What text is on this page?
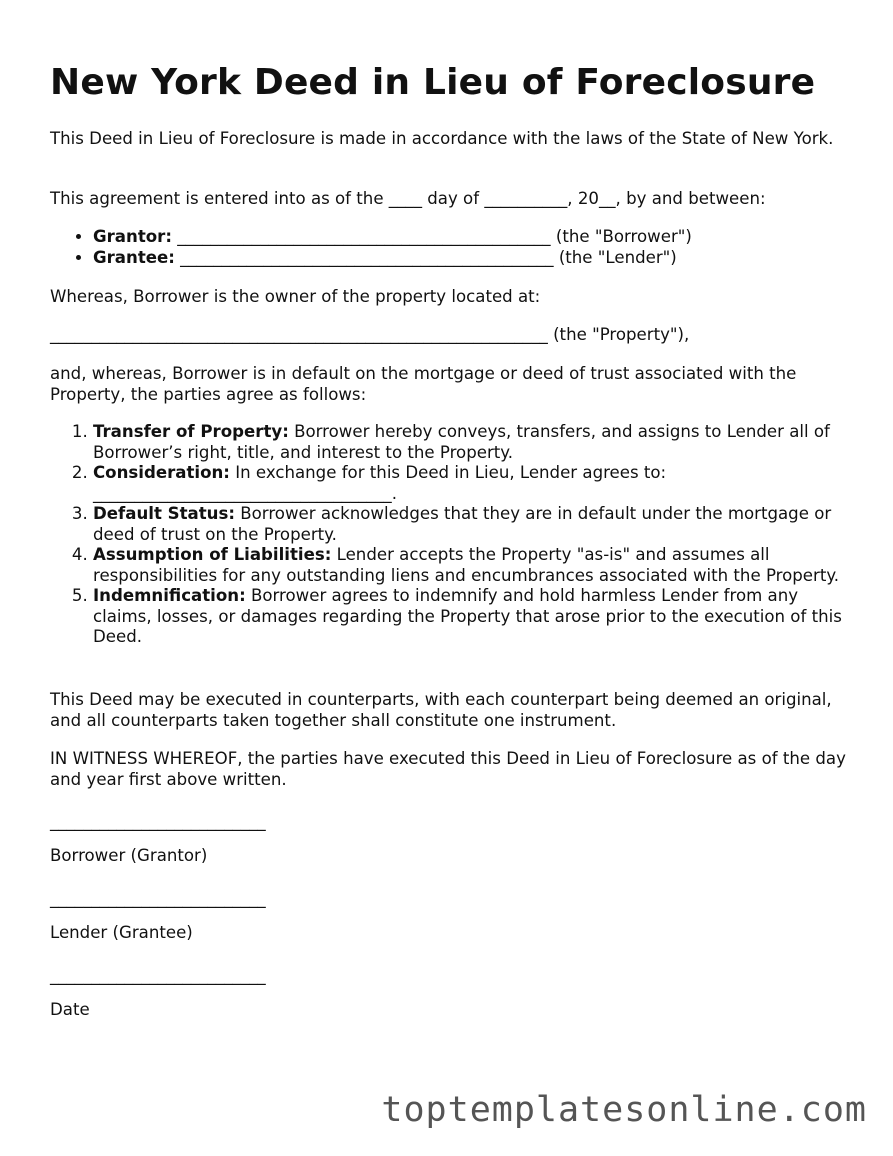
New York Deed in Lieu of Foreclosure

This Deed in Lieu of Foreclosure is made in accordance with the laws of the State of New York.

This agreement is entered into as of the ____ day of __________, 20__, by and between:

• Grantor: _____________________________________________ (the "Borrower")
• Grantee: _____________________________________________ (the "Lender")

Whereas, Borrower is the owner of the property located at:

____________________________________________________________ (the "Property"),

and, whereas, Borrower is in default on the mortgage or deed of trust associated with the Property, the parties agree as follows:

1. Transfer of Property: Borrower hereby conveys, transfers, and assigns to Lender all of Borrower’s right, title, and interest to the Property.
2. Consideration: In exchange for this Deed in Lieu, Lender agrees to: ____________________________________.
3. Default Status: Borrower acknowledges that they are in default under the mortgage or deed of trust on the Property.
4. Assumption of Liabilities: Lender accepts the Property "as-is" and assumes all responsibilities for any outstanding liens and encumbrances associated with the Property.
5. Indemnification: Borrower agrees to indemnify and hold harmless Lender from any claims, losses, or damages regarding the Property that arose prior to the execution of this Deed.

This Deed may be executed in counterparts, with each counterpart being deemed an original, and all counterparts taken together shall constitute one instrument.

IN WITNESS WHEREOF, the parties have executed this Deed in Lieu of Foreclosure as of the day and year first above written.

__________________________
Borrower (Grantor)
__________________________
Lender (Grantee)
__________________________
Date
toptemplatesonline.com
